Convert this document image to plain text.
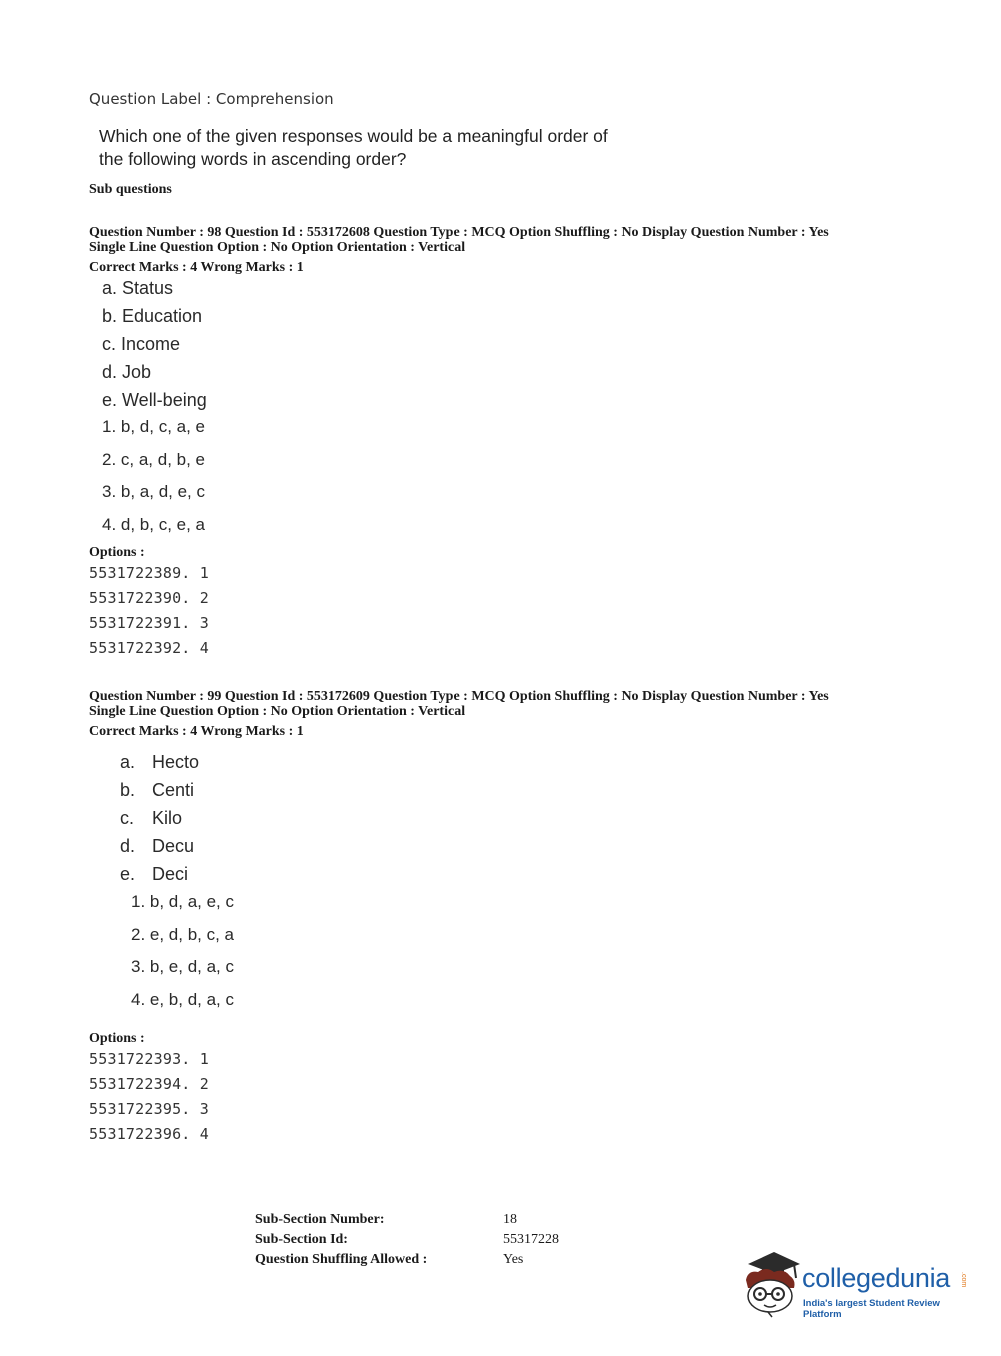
Question Label : Comprehension
Which one of the given responses would be a meaningful order of
the following words in ascending order?
Sub questions
Question Number : 98 Question Id : 553172608 Question Type : MCQ Option Shuffling : No Display Question Number : Yes
Single Line Question Option : No Option Orientation : Vertical
Correct Marks : 4 Wrong Marks : 1
a. Status
b. Education
c. Income
d. Job
e. Well-being
1. b, d, c, a, e
2. c, a, d, b, e
3. b, a, d, e, c
4. d, b, c, e, a
Options :
5531722389. 1
5531722390. 2
5531722391. 3
5531722392. 4
Question Number : 99 Question Id : 553172609 Question Type : MCQ Option Shuffling : No Display Question Number : Yes
Single Line Question Option : No Option Orientation : Vertical
Correct Marks : 4 Wrong Marks : 1
a. Hecto
b. Centi
c. Kilo
d. Decu
e. Deci
1. b, d, a, e, c
2. e, d, b, c, a
3. b, e, d, a, c
4. e, b, d, a, c
Options :
5531722393. 1
5531722394. 2
5531722395. 3
5531722396. 4
Sub-Section Number:	18
Sub-Section Id:	55317228
Question Shuffling Allowed :	Yes
collegedunia .com
India's largest Student Review Platform
